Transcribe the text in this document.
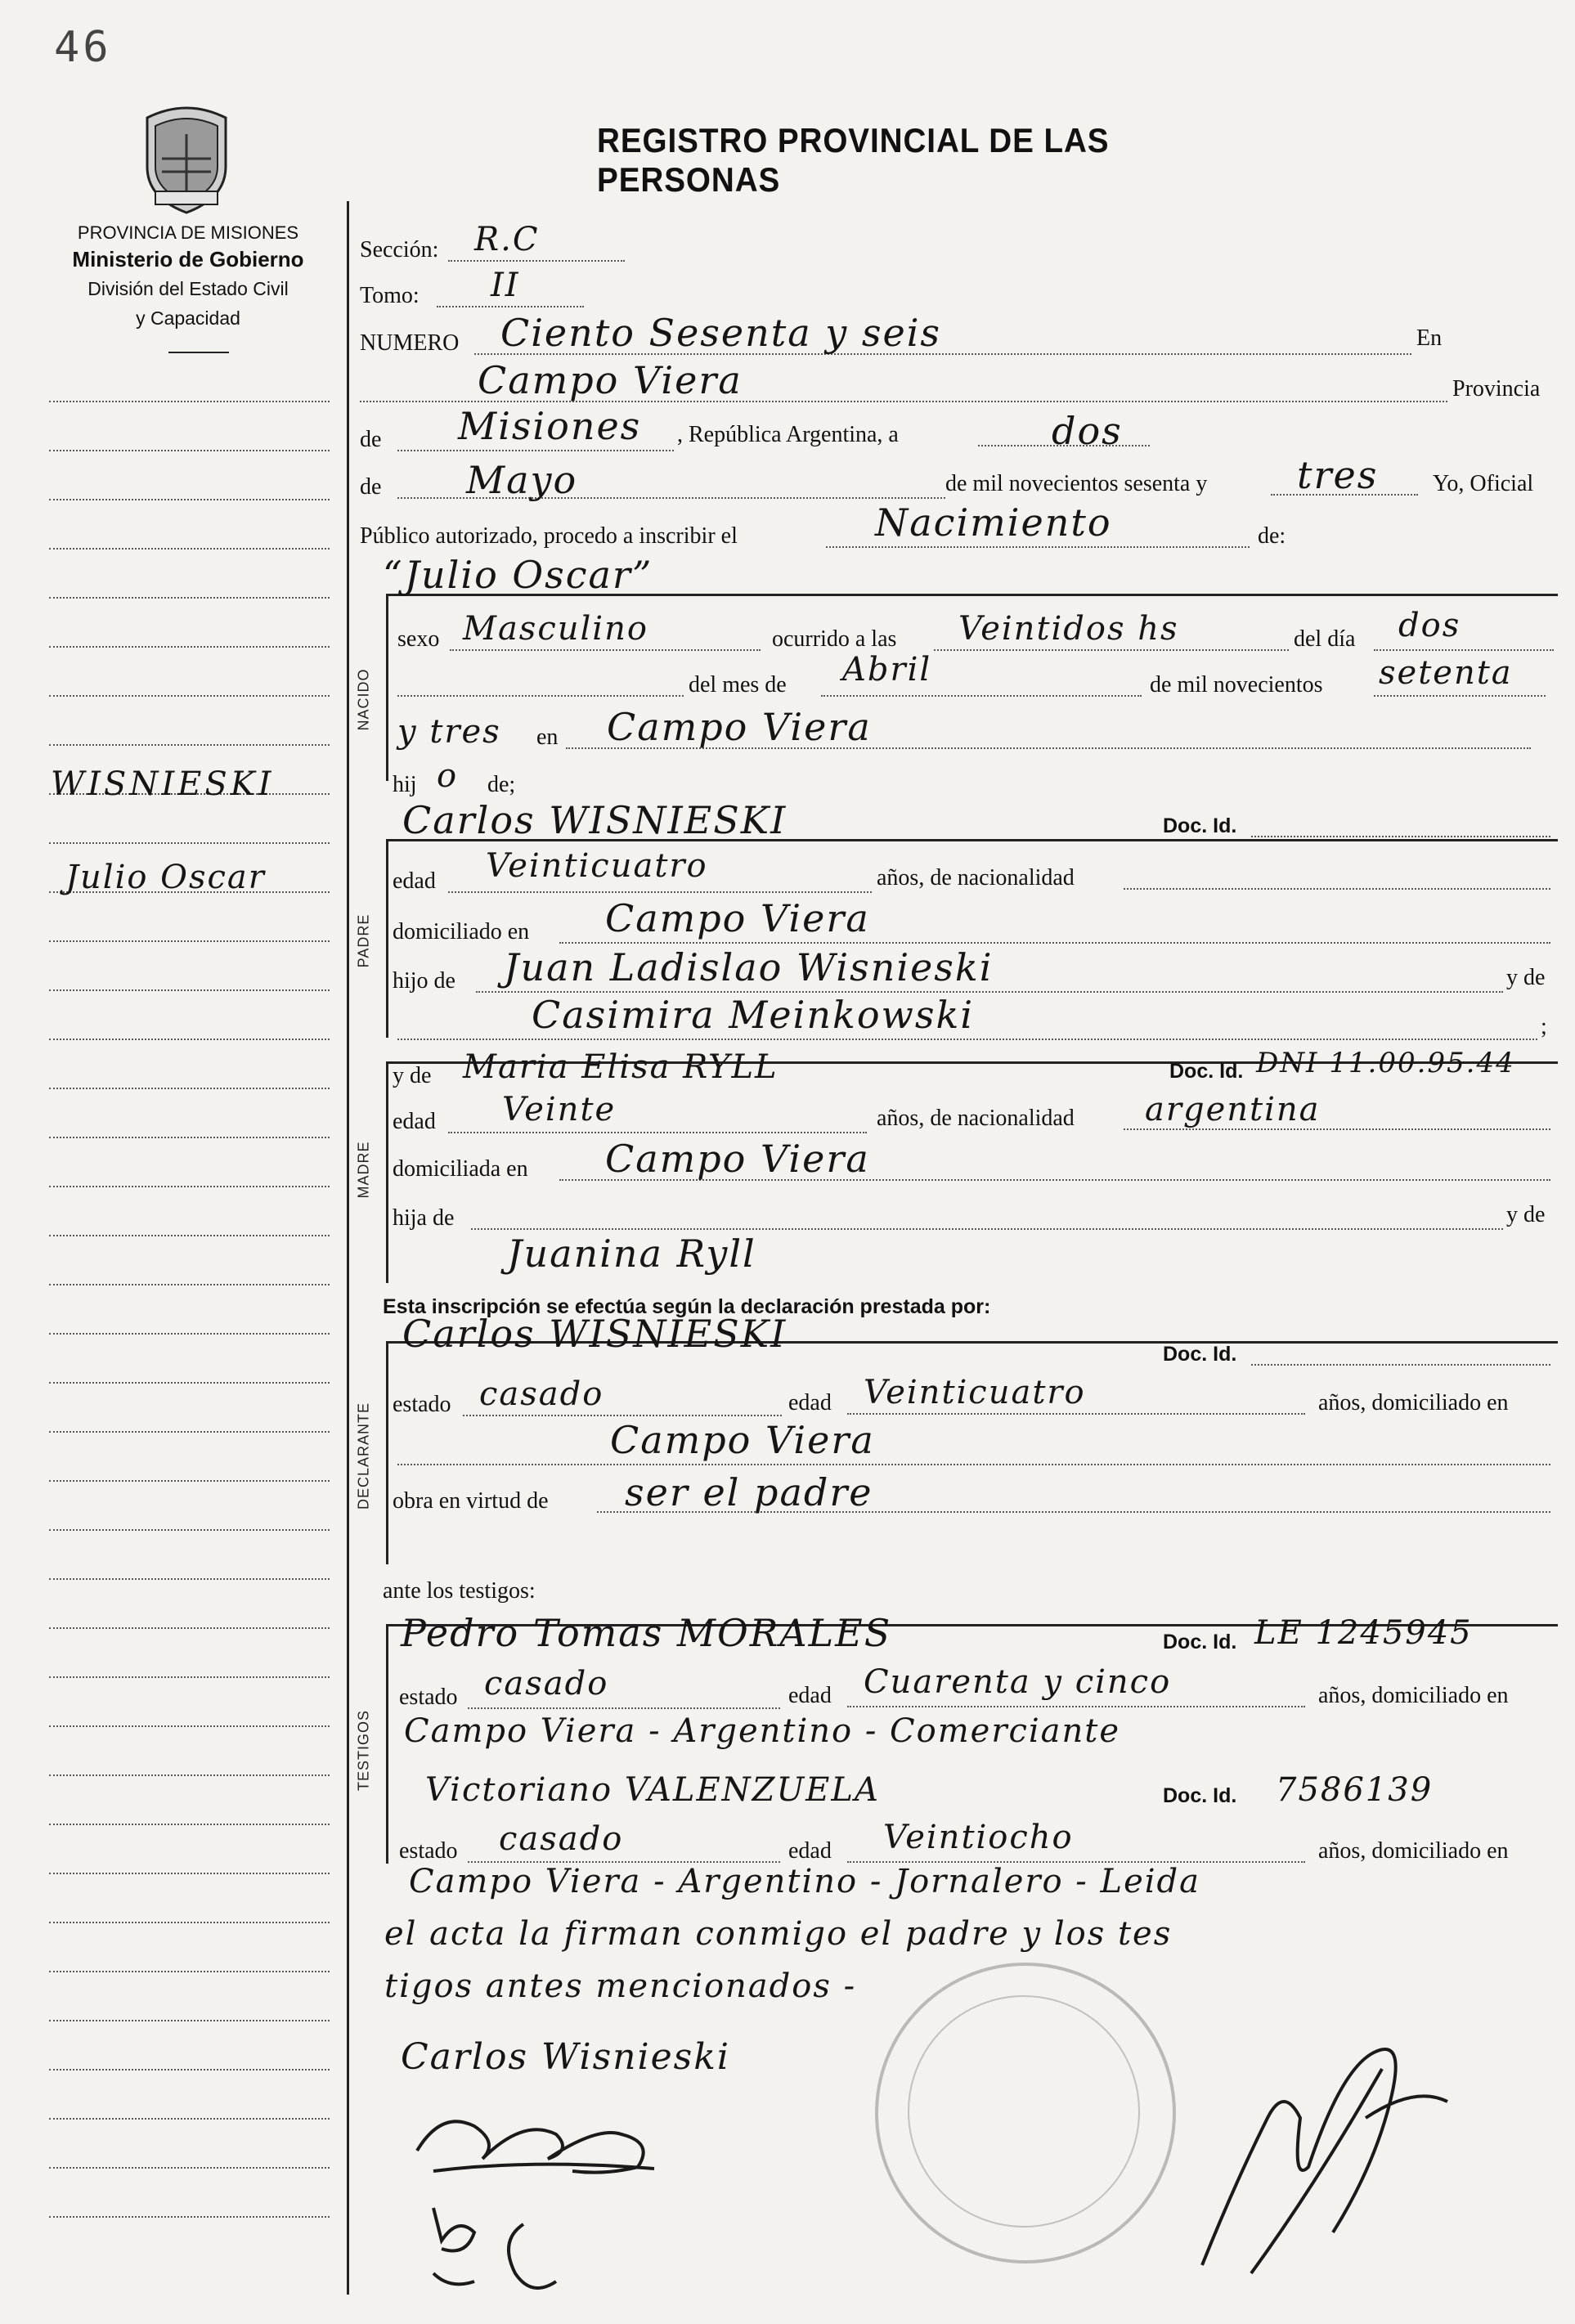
46
REGISTRO PROVINCIAL DE LAS PERSONAS
PROVINCIA DE MISIONES
Ministerio de Gobierno
División del Estado Civil
y Capacidad
WISNIESKI
Julio Oscar
Sección: R.C
Tomo: II
NUMERO Ciento Sesenta y seis	En
Campo Viera	Provincia
de Misiones , República Argentina, a	dos
de Mayo	de mil novecientos sesenta y tres Yo, Oficial
Público autorizado, procedo a inscribir el	Nacimiento	de:
NACIDO
“Julio Oscar”
sexo Masculino	ocurrido a las Veintidos hs	del día dos
del mes de Abril	de mil novecientos setenta
y tres en Campo Viera
hij o de;
PADRE
Carlos WISNIESKI	Doc. Id.
edad Veinticuatro	años, de nacionalidad
domiciliado en Campo Viera
hijo de Juan Ladislao Wisnieski	y de
Casimira Meinkowski	;
y de Maria Elisa RYLL	Doc. Id. DNI 11.00.95.44
MADRE
edad Veinte	años, de nacionalidad argentina
domiciliada en Campo Viera
hija de	y de
Juanina Ryll
Esta inscripción se efectúa según la declaración prestada por:
DECLARANTE
Carlos WISNIESKI	Doc. Id.
estado casado	edad Veinticuatro	años, domiciliado en
Campo Viera
obra en virtud de ser el padre
ante los testigos:
TESTIGOS
Pedro Tomas MORALES	Doc. Id. LE 1245945
estado casado	edad Cuarenta y cinco	años, domiciliado en
Campo Viera - Argentino - Comerciante
Victoriano VALENZUELA	Doc. Id. 7586139
estado casado	edad Veintiocho	años, domiciliado en
Campo Viera - Argentino - Jornalero - Leida
el acta la firman conmigo el padre y los tes
tigos antes mencionados -
Carlos Wisnieski
